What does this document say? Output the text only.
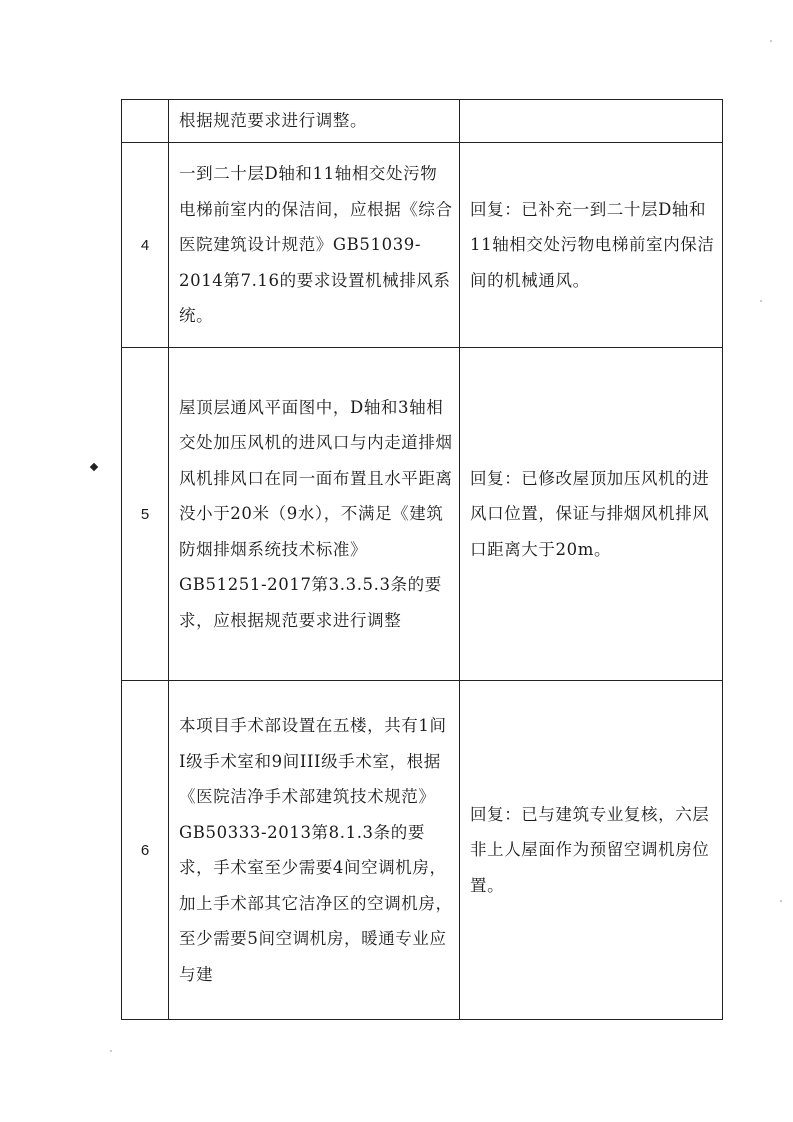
	根据规范要求进行调整。	

4	一到二十层D轴和11轴相交处污物电梯前室内的保洁间，应根据《综合医院建筑设计规范》GB51039-2014第7.16的要求设置机械排风系统。	回复：已补充一到二十层D轴和11轴相交处污物电梯前室内保洁间的机械通风。

5	屋顶层通风平面图中，D轴和3轴相交处加压风机的进风口与内走道排烟风机排风口在同一面布置且水平距离没小于20米（9水），不满足《建筑防烟排烟系统技术标准》GB51251-2017第3.3.5.3条的要求，应根据规范要求进行调整	回复：已修改屋顶加压风机的进风口位置，保证与排烟风机排风口距离大于20m。

6	本项目手术部设置在五楼，共有1间I级手术室和9间III级手术室，根据《医院洁净手术部建筑技术规范》GB50333-2013第8.1.3条的要求，手术室至少需要4间空调机房，加上手术部其它洁净区的空调机房，至少需要5间空调机房，暖通专业应与建	回复：已与建筑专业复核，六层非上人屋面作为预留空调机房位置。
